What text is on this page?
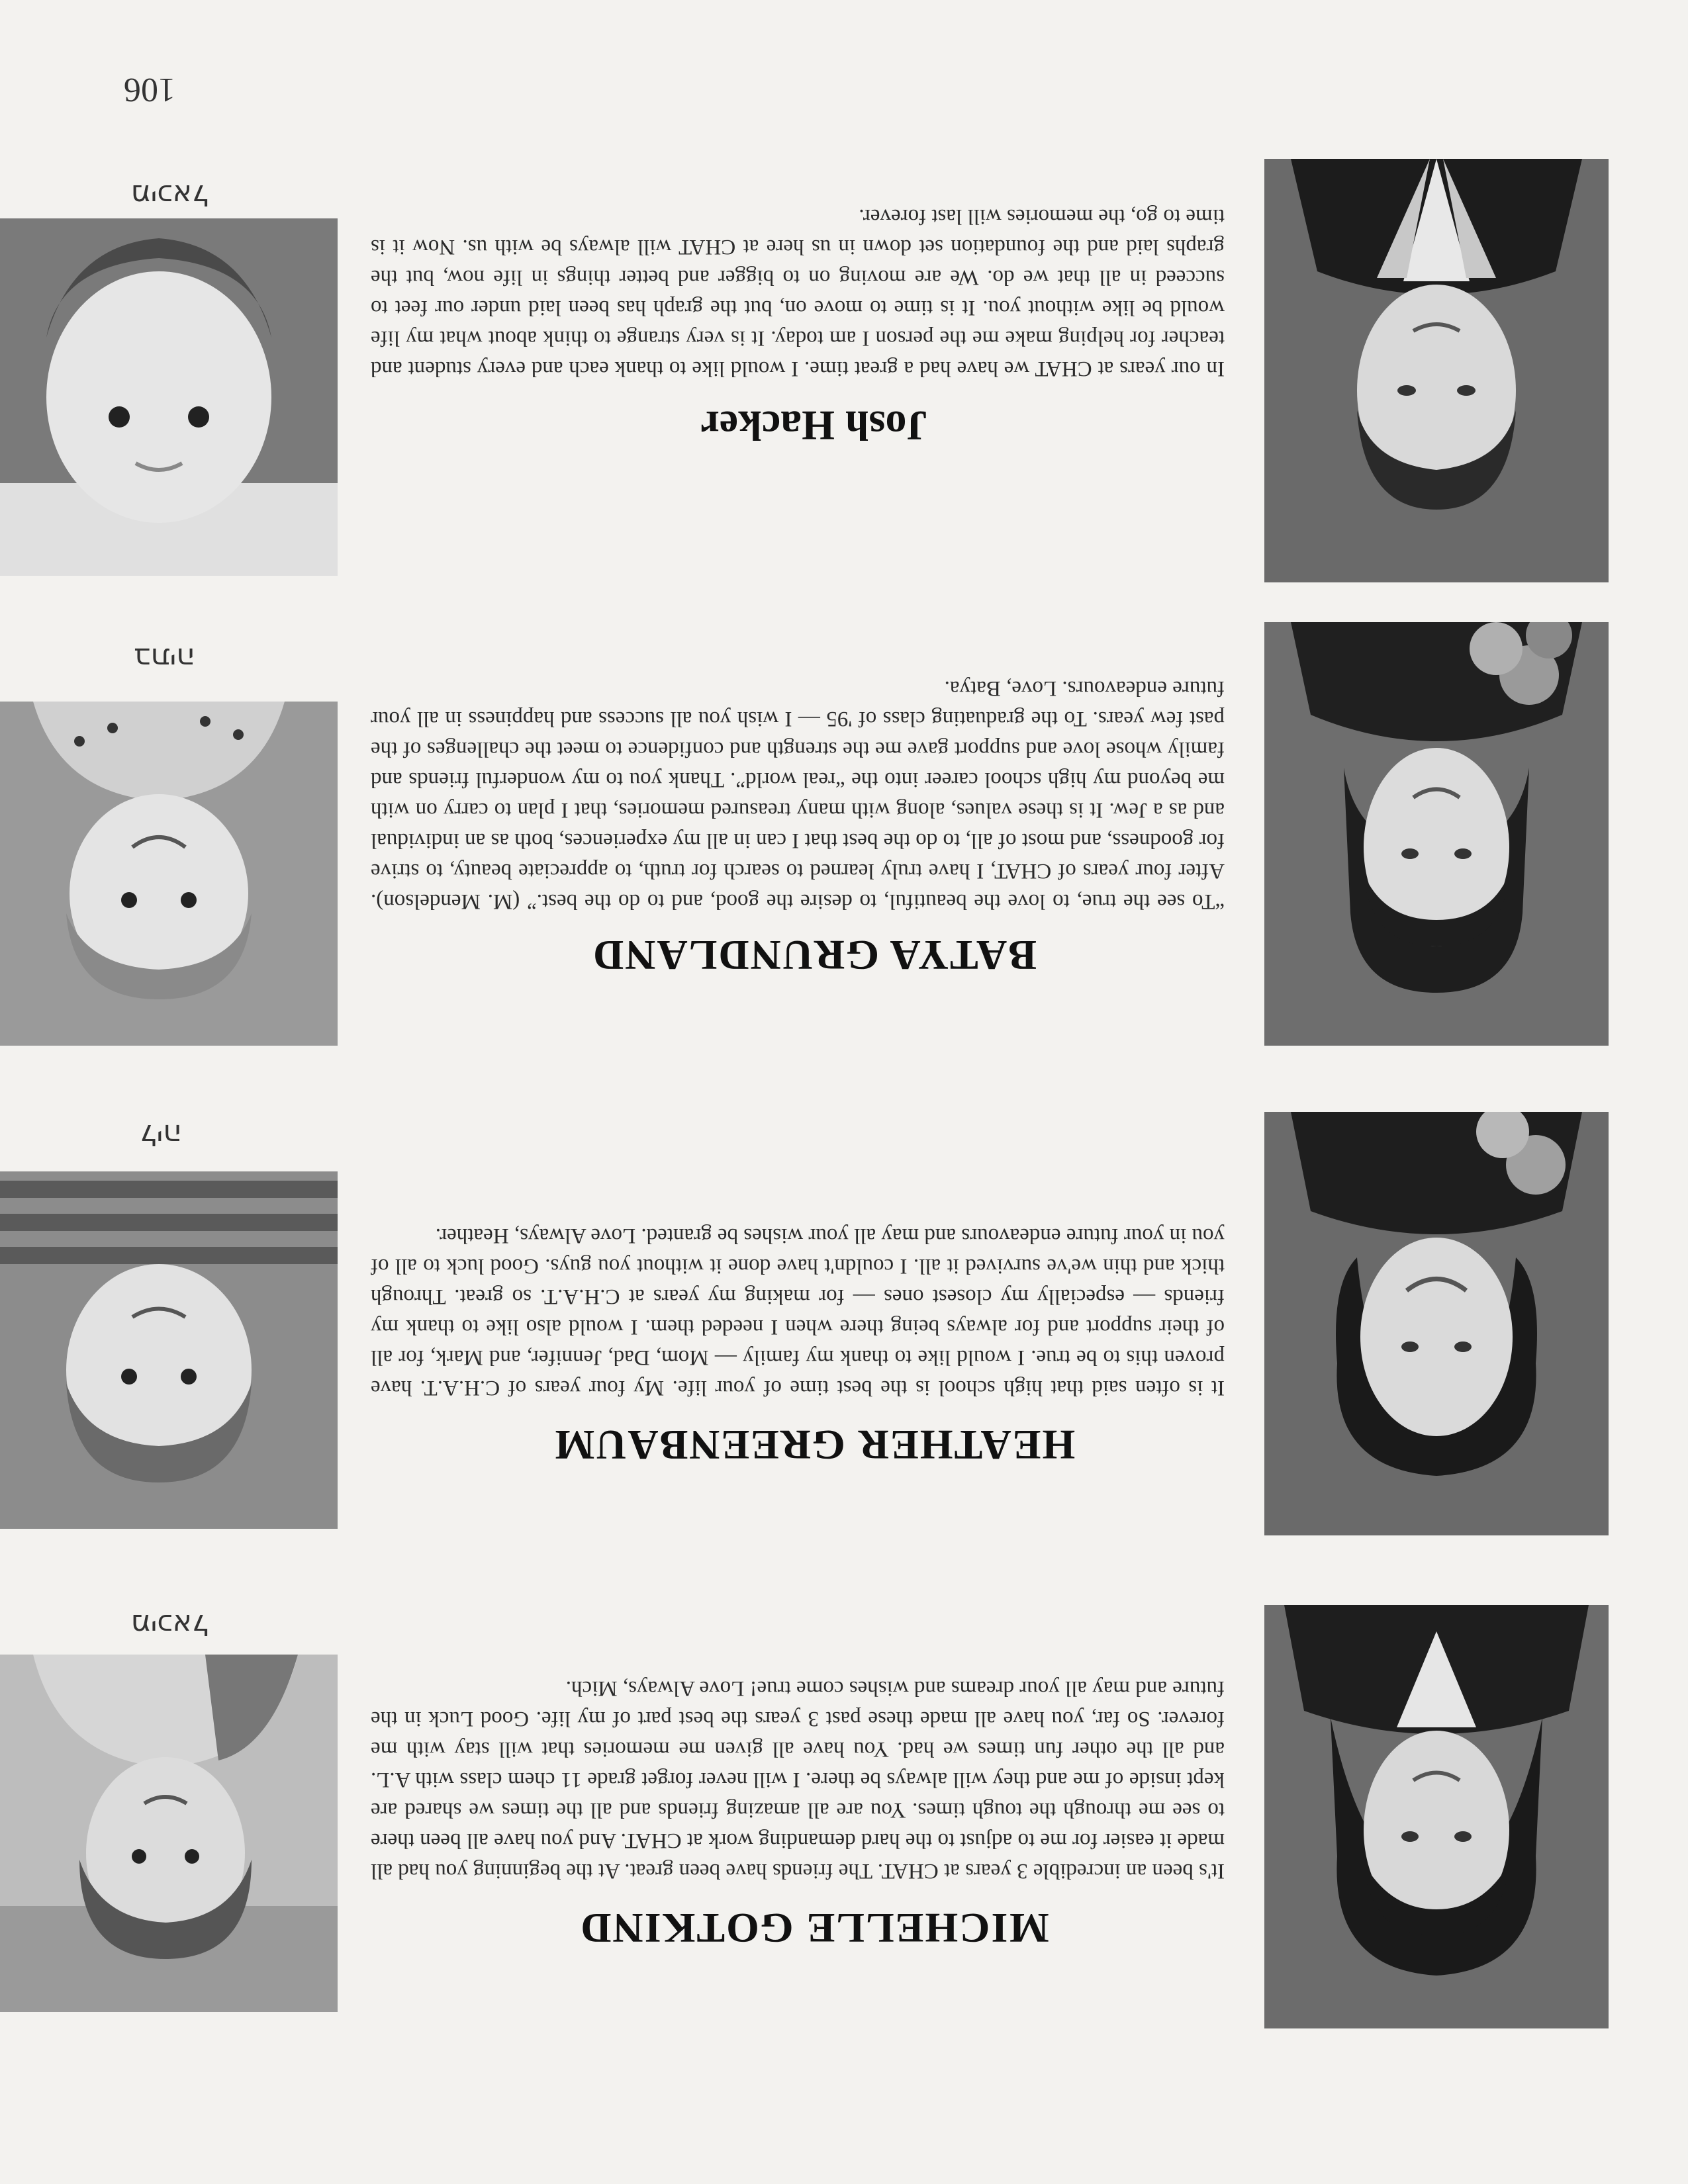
106
Josh Hacker
In our years at CHAT we have had a great time. I would like to thank each and every student and teacher for helping make me the person I am today. It is very strange to think about what my life would be like without you. It is time to move on, but the graph has been laid under our feet to succeed in all that we do. We are moving on to bigger and better things in life now, but the graphs laid and the foundation set down in us here at CHAT will always be with us. Now it is time to go, the memories will last forever.
מיכאל
BATYA GRUNDLAND
“To see the true, to love the beautiful, to desire the good, and to do the best.” (M. Mendelson). After four years of CHAT, I have truly learned to search for truth, to appreciate beauty, to strive for goodness, and most of all, to do the best that I can in all my experiences, both as an individual and as a Jew. It is these values, along with many treasured memories, that I plan to carry on with me beyond my high school career into the “real world”. Thank you to my wonderful friends and family whose love and support gave me the strength and confidence to meet the challenges of the past few years. To the graduating class of '95 — I wish you all success and happiness in all your future endeavours. Love, Batya.
בתיה
HEATHER GREENBAUM
It is often said that high school is the best time of your life. My four years of C.H.A.T. have proven this to be true. I would like to thank my family — Mom, Dad, Jennifer, and Mark, for all of their support and for always being there when I needed them. I would also like to thank my friends — especially my closest ones — for making my years at C.H.A.T. so great. Through thick and thin we've survived it all. I couldn't have done it without you guys. Good luck to all of you in your future endeavours and may all your wishes be granted. Love Always, Heather.
ליה
MICHELLE GOTKIND
It's been an incredible 3 years at CHAT. The friends have been great. At the beginning you had all made it easier for me to adjust to the hard demanding work at CHAT. And you have all been there to see me through the tough times. You are all amazing friends and all the times we shared are kept inside of me and they will always be there. I will never forget grade 11 chem class with A.L. and all the other fun times we had. You have all given me memories that will stay with me forever. So far, you have all made these past 3 years the best part of my life. Good Luck in the future and may all your dreams and wishes come true! Love Always, Mich.
מיכאל
